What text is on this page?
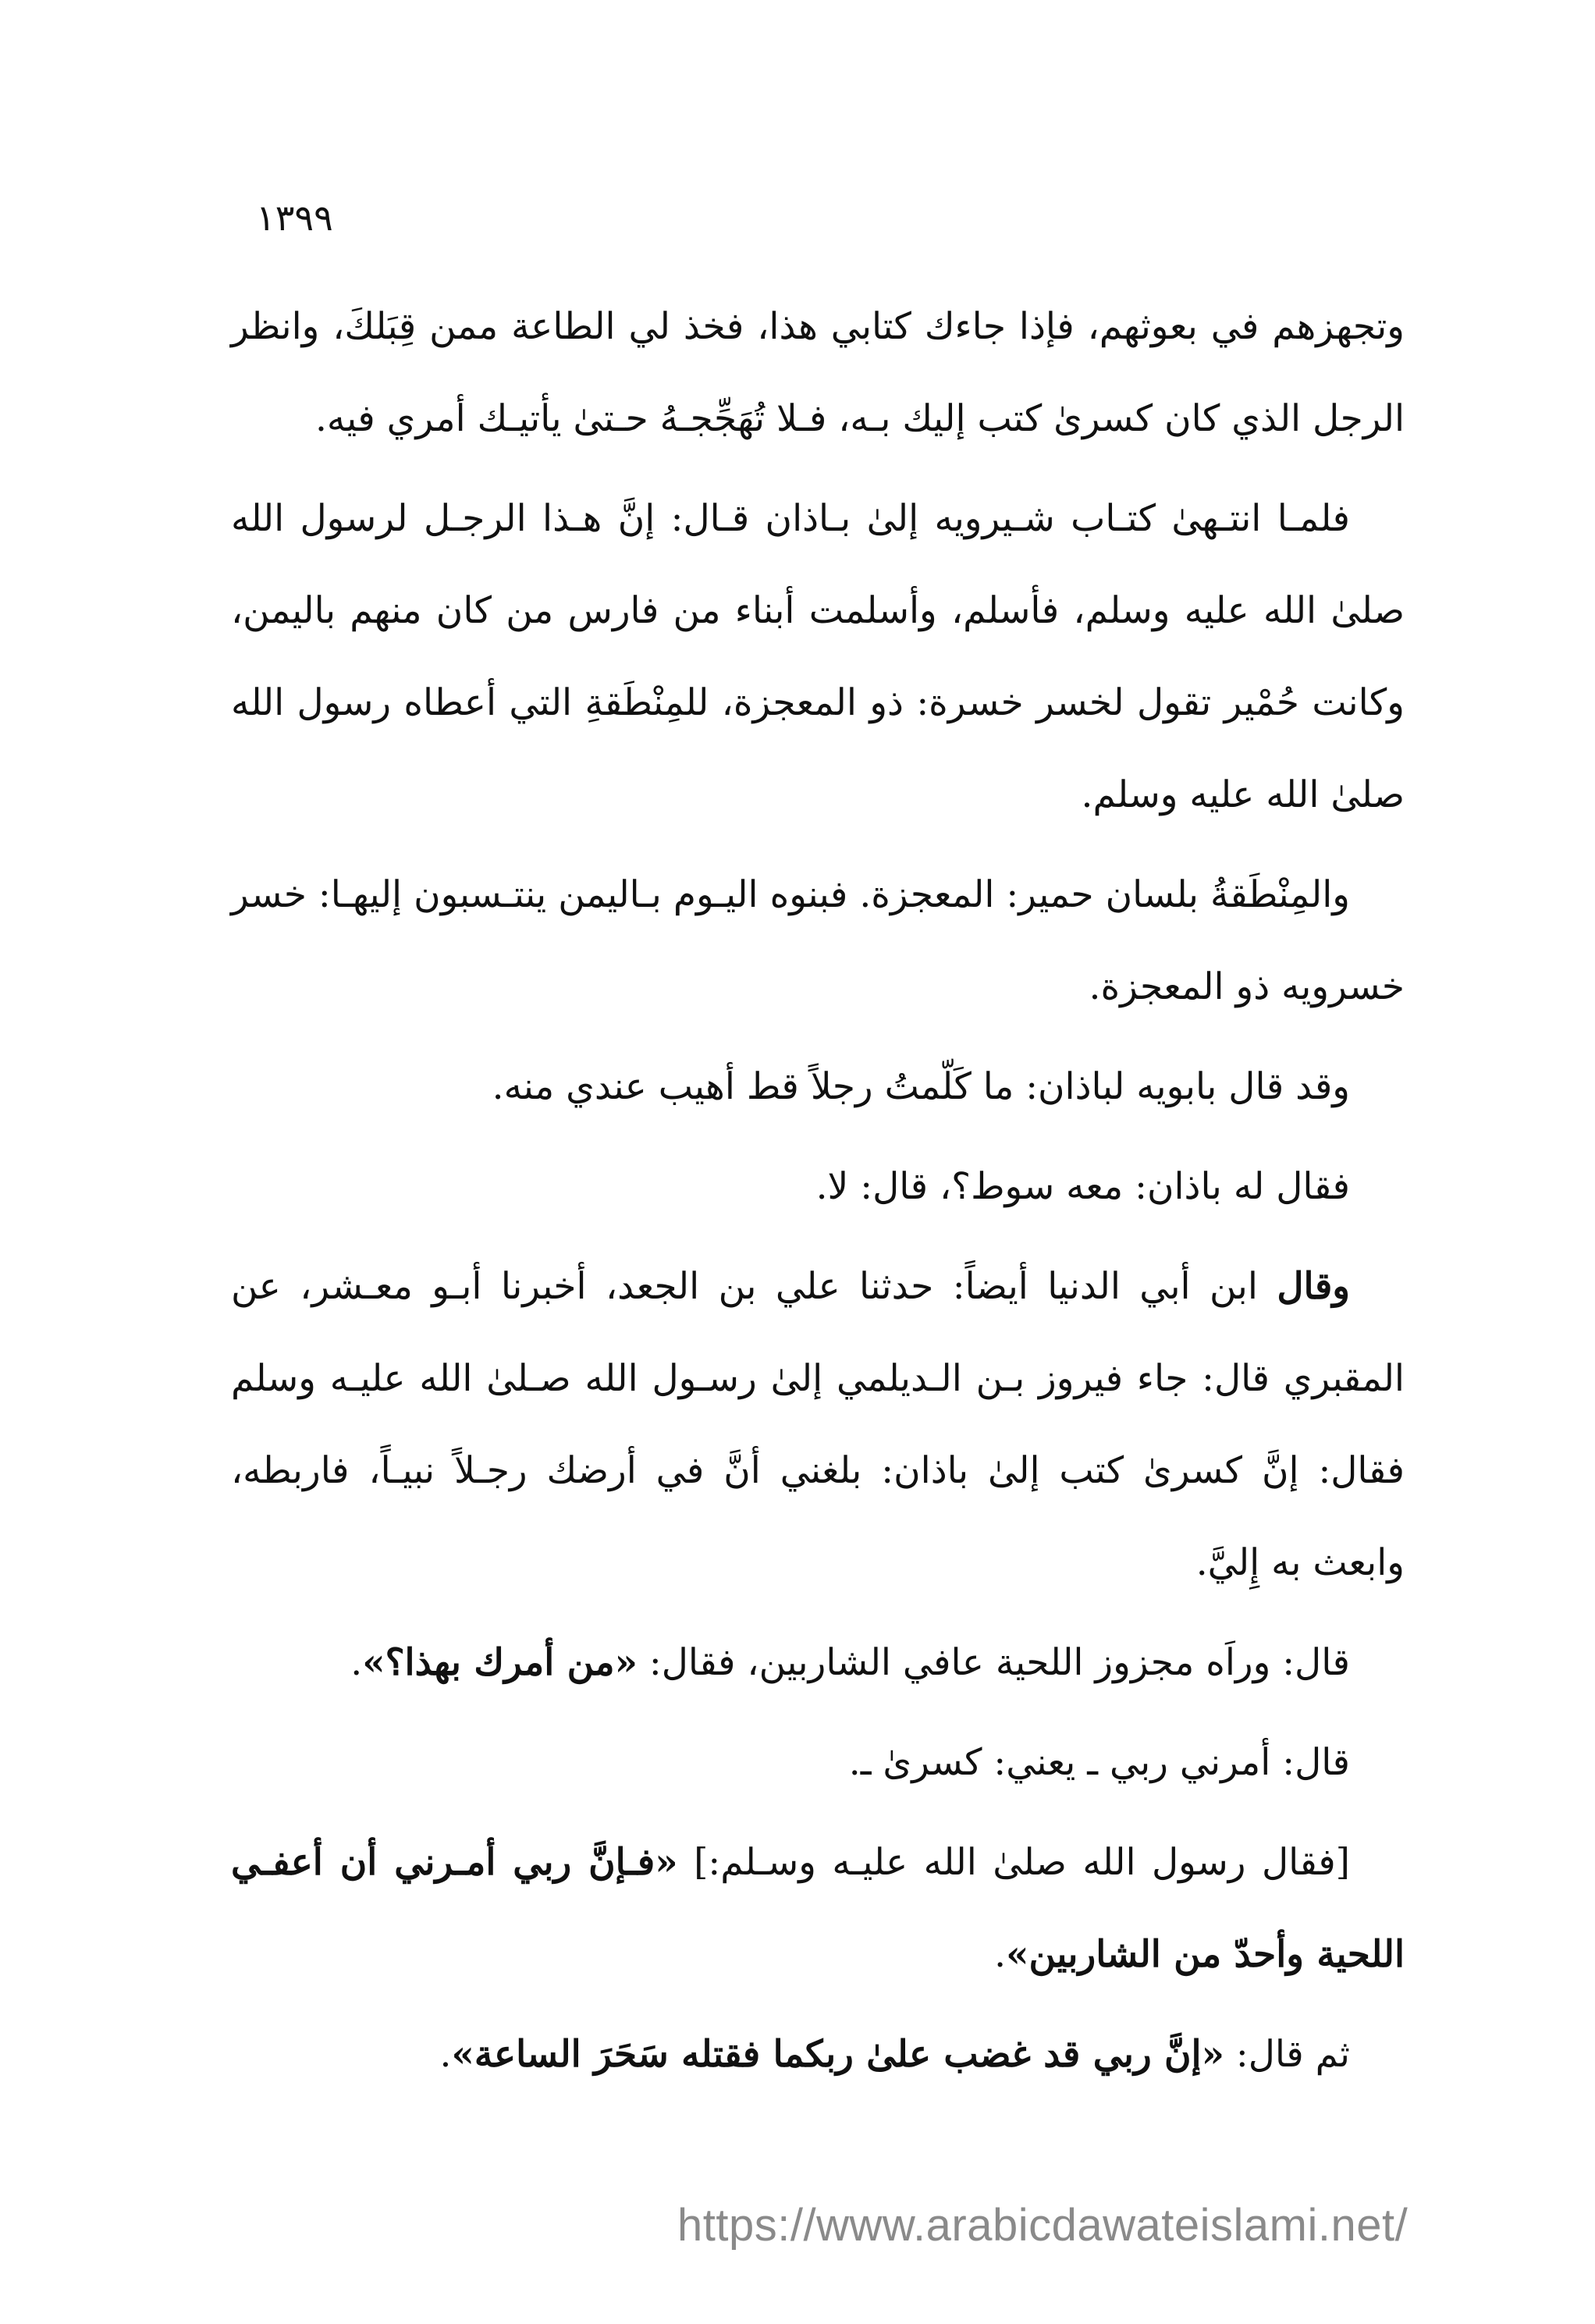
١٣٩٩

وتجهزهم في بعوثهم، فإذا جاءك كتابي هذا، فخذ لي الطاعة ممن قِبَلكَ، وانظر الرجل الذي كان كسرىٰ كتب إليك بـه، فـلا تُهَجِّجـهُ حـتىٰ يأتيـك أمري فيه.

فلمـا انتـهىٰ كتـاب شـيرويه إلىٰ بـاذان قـال: إنَّ هـذا الرجـل لرسول الله صلىٰ الله عليه وسلم، فأسلم، وأسلمت أبناء من فارس من كان منهم باليمن، وكانت حُمْير تقول لخسر خسرة: ذو المعجزة، للمِنْطَقةِ التي أعطاه رسول الله صلىٰ الله عليه وسلم.

والمِنْطَقةُ بلسان حمير: المعجزة. فبنوه اليـوم بـاليمن ينتـسبون إليهـا: خسر خسرويه ذو المعجزة.

وقد قال بابويه لباذان: ما كَلّمتُ رجلاً قط أهيب عندي منه.

فقال له باذان: معه سوط؟، قال: لا.

وقال ابن أبي الدنيا أيضاً: حدثنا علي بن الجعد، أخبرنا أبـو معـشر، عن المقبري قال: جاء فيروز بـن الـديلمي إلىٰ رسـول الله صـلىٰ الله عليـه وسلم فقال: إنَّ كسرىٰ كتب إلىٰ باذان: بلغني أنَّ في أرضك رجـلاً نبيـاً، فاربطه، وابعث به إِليَّ.

قال: وراَه مجزوز اللحية عافي الشاربين، فقال: «من أمرك بهذا؟».

قال: أمرني ربي ـ يعني: كسرىٰ ـ.

[فقال رسول الله صلىٰ الله عليـه وسـلم:] «فـإنَّ ربي أمـرني أن أعفـي اللحية وأحدّ من الشاربين».

ثم قال: «إنَّ ربي قد غضب علىٰ ربكما فقتله سَحَرَ الساعة».

https://www.arabicdawateislami.net/
